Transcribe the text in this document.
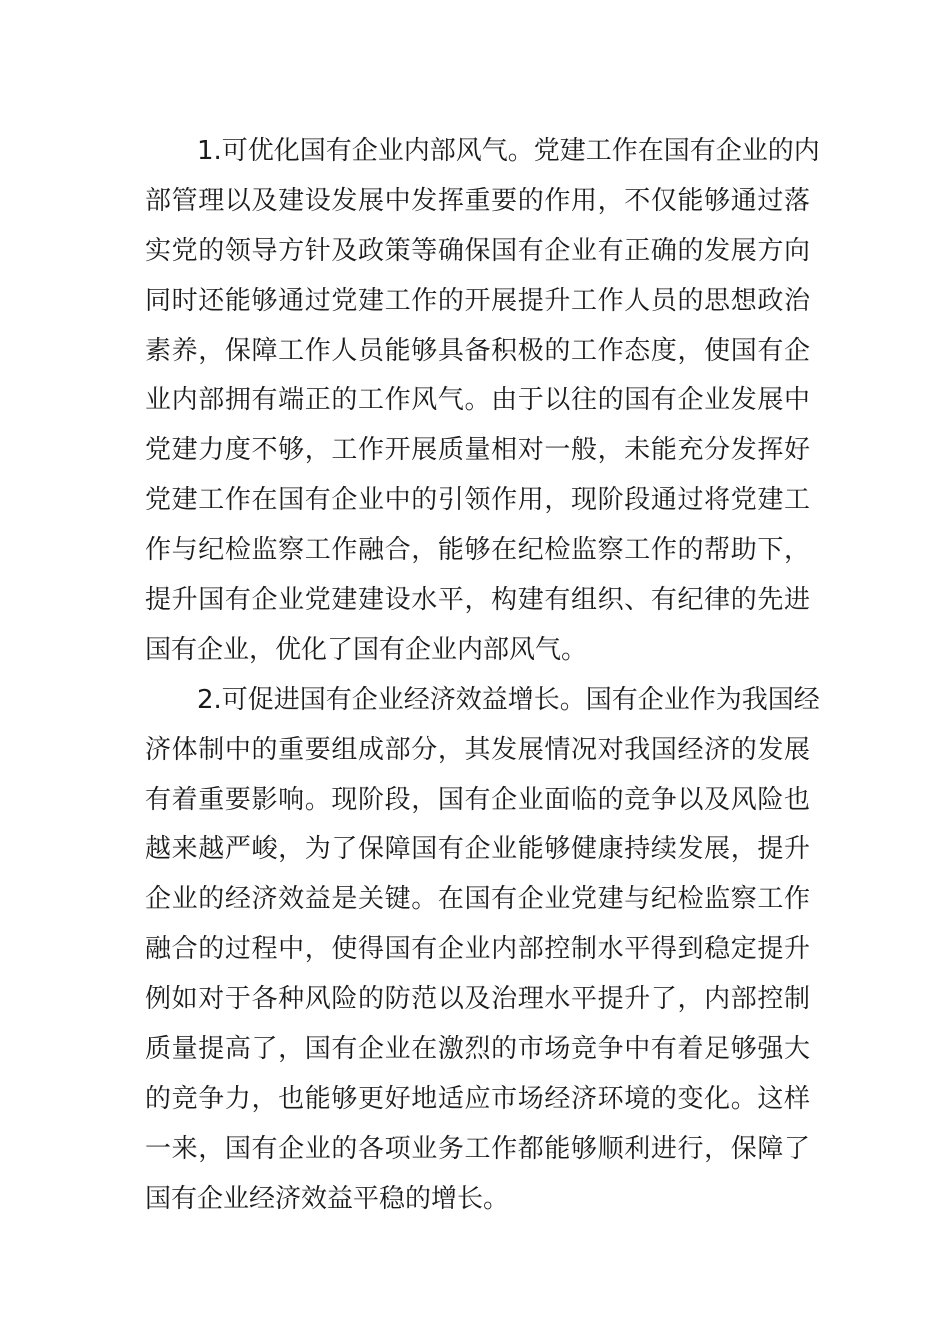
1.可优化国有企业内部风气。党建工作在国有企业的内
部管理以及建设发展中发挥重要的作用，不仅能够通过落
实党的领导方针及政策等确保国有企业有正确的发展方向
同时还能够通过党建工作的开展提升工作人员的思想政治
素养，保障工作人员能够具备积极的工作态度，使国有企
业内部拥有端正的工作风气。由于以往的国有企业发展中
党建力度不够，工作开展质量相对一般，未能充分发挥好
党建工作在国有企业中的引领作用，现阶段通过将党建工
作与纪检监察工作融合，能够在纪检监察工作的帮助下，
提升国有企业党建建设水平，构建有组织、有纪律的先进
国有企业，优化了国有企业内部风气。
2.可促进国有企业经济效益增长。国有企业作为我国经
济体制中的重要组成部分，其发展情况对我国经济的发展
有着重要影响。现阶段，国有企业面临的竞争以及风险也
越来越严峻，为了保障国有企业能够健康持续发展，提升
企业的经济效益是关键。在国有企业党建与纪检监察工作
融合的过程中，使得国有企业内部控制水平得到稳定提升
例如对于各种风险的防范以及治理水平提升了，内部控制
质量提高了，国有企业在激烈的市场竞争中有着足够强大
的竞争力，也能够更好地适应市场经济环境的变化。这样
一来，国有企业的各项业务工作都能够顺利进行，保障了
国有企业经济效益平稳的增长。
